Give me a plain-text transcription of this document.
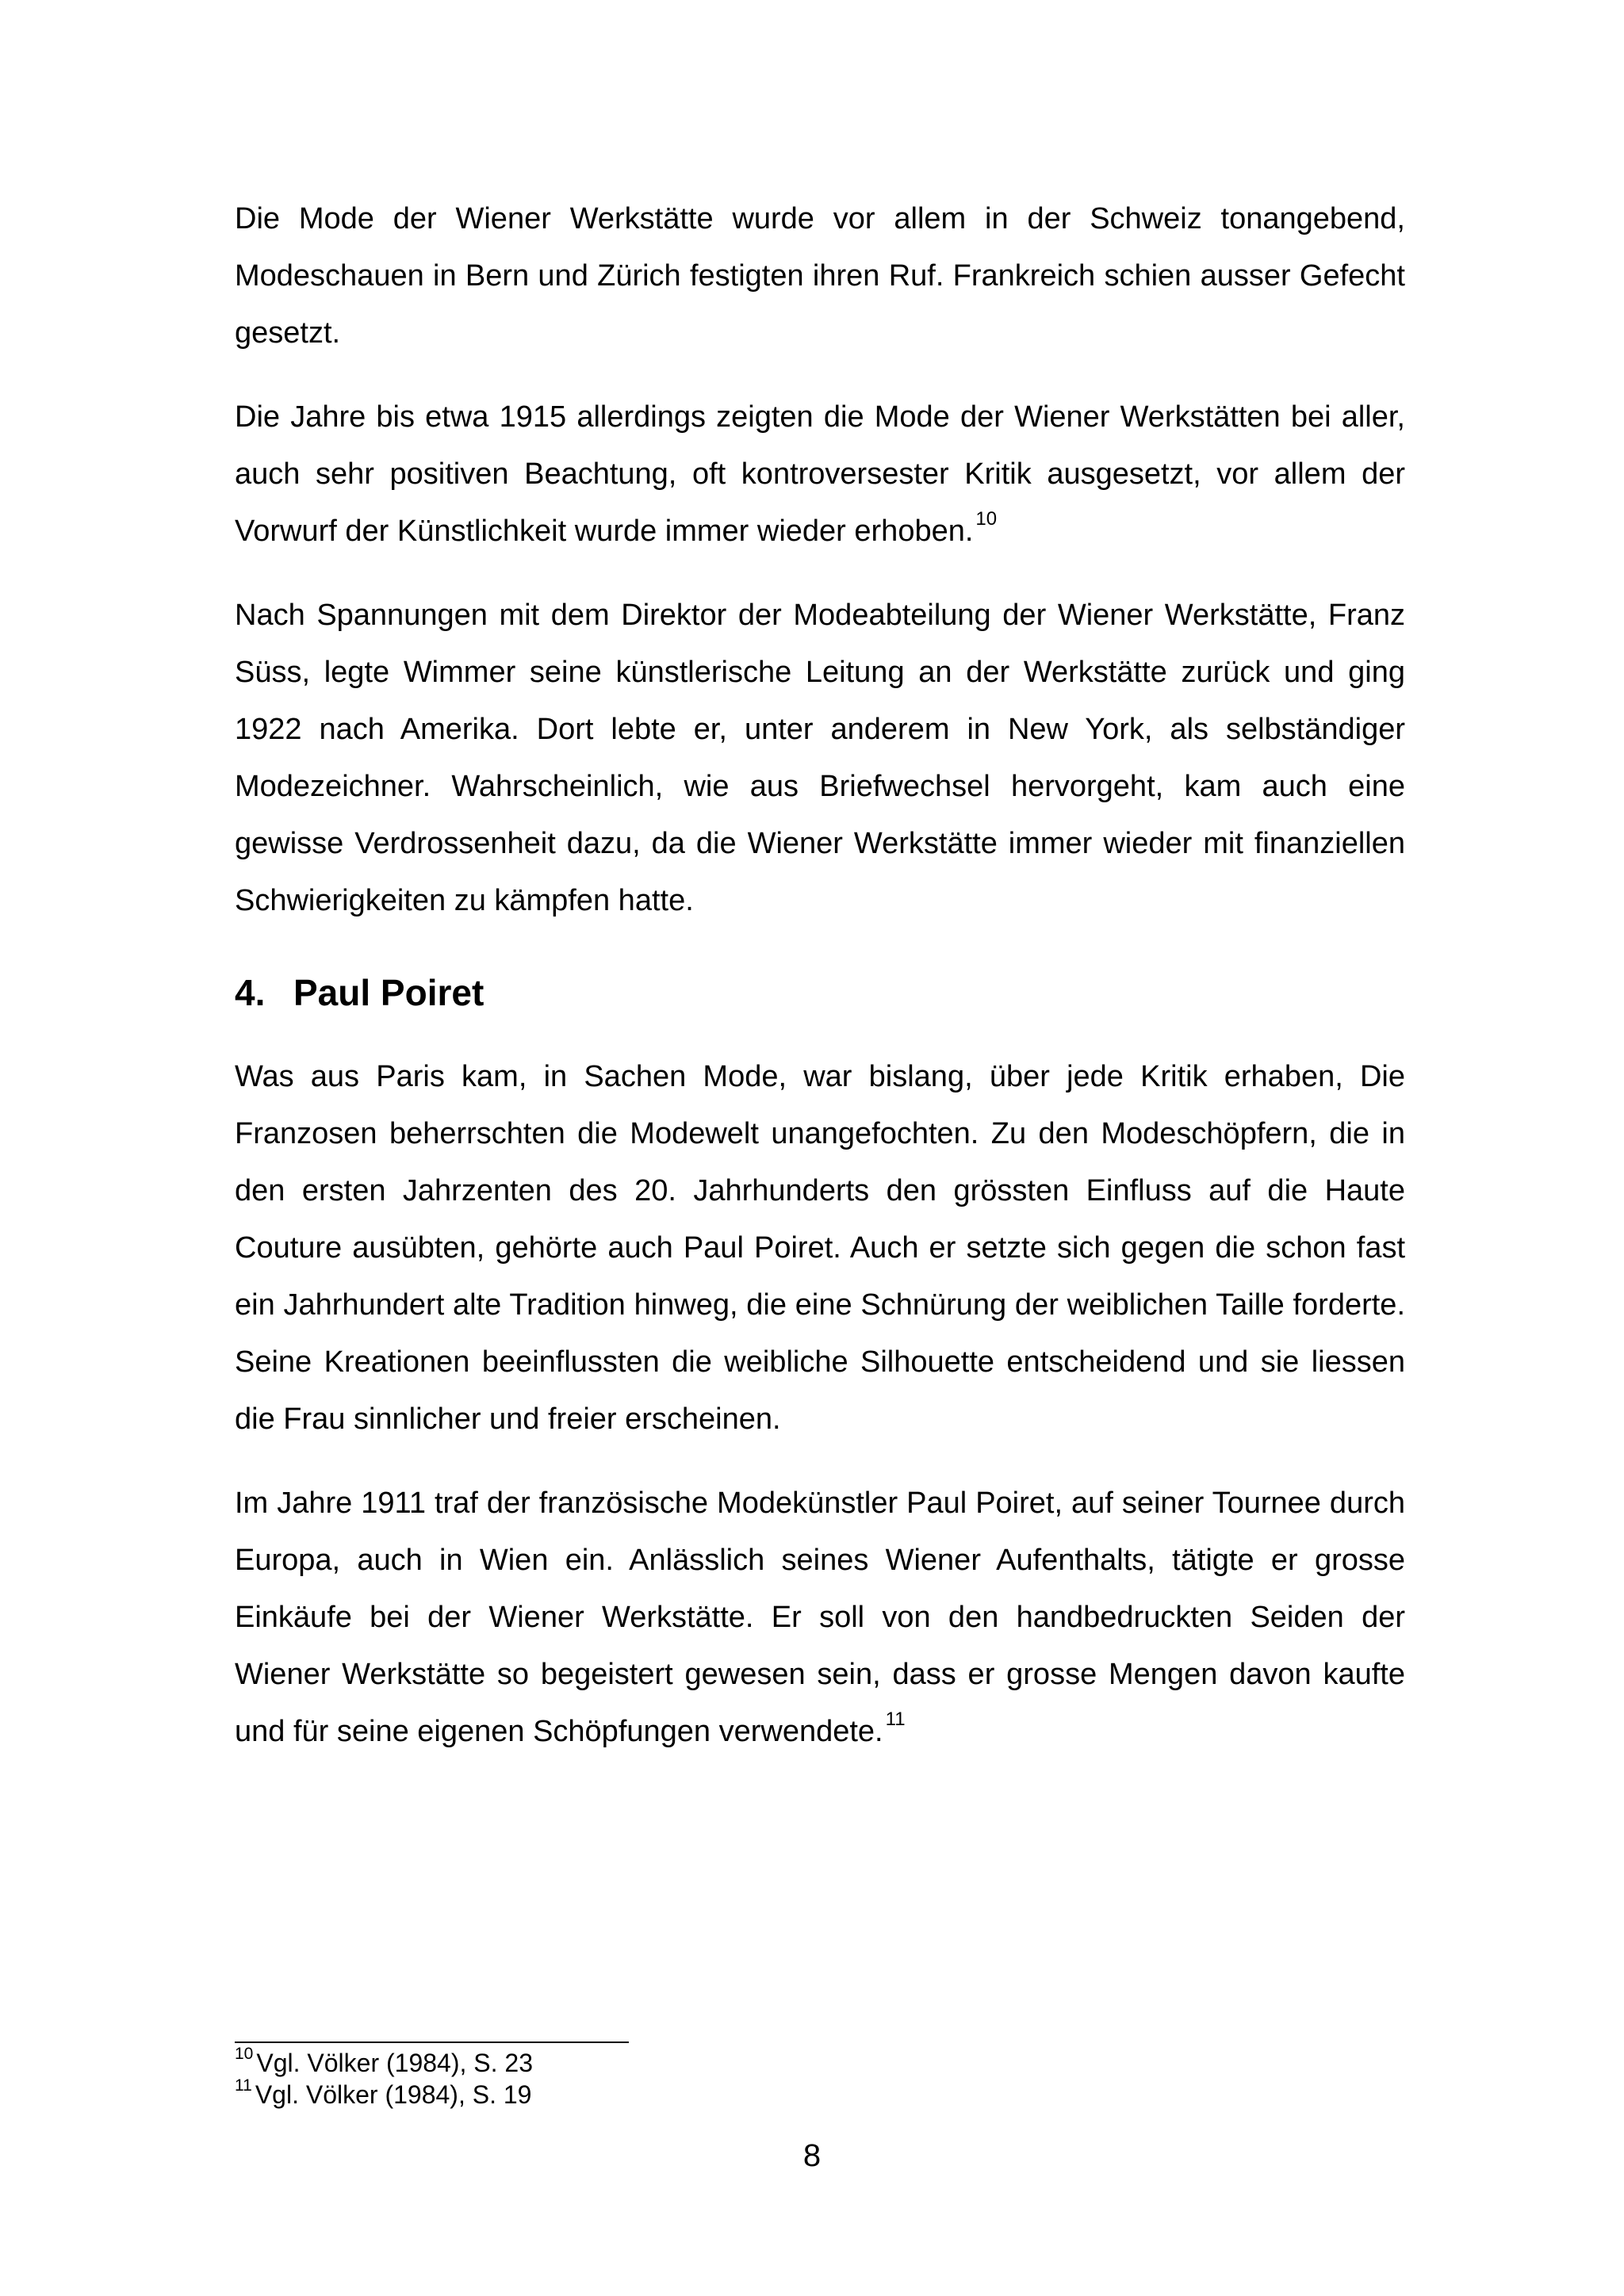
Die Mode der Wiener Werkstätte wurde vor allem in der Schweiz tonangebend, Modeschauen in Bern und Zürich festigten ihren Ruf. Frankreich schien ausser Gefecht gesetzt.

Die Jahre bis etwa 1915 allerdings zeigten die Mode der Wiener Werkstätten bei aller, auch sehr positiven Beachtung, oft kontroversester Kritik ausgesetzt, vor allem der Vorwurf der Künstlichkeit wurde immer wieder erhoben. $^{10}$

Nach Spannungen mit dem Direktor der Modeabteilung der Wiener Werkstätte, Franz Süss, legte Wimmer seine künstlerische Leitung an der Werkstätte zurück und ging 1922 nach Amerika. Dort lebte er, unter anderem in New York, als selbständiger Modezeichner. Wahrscheinlich, wie aus Briefwechsel hervorgeht, kam auch eine gewisse Verdrossenheit dazu, da die Wiener Werkstätte immer wieder mit finanziellen Schwierigkeiten zu kämpfen hatte.

4. Paul Poiret

Was aus Paris kam, in Sachen Mode, war bislang, über jede Kritik erhaben, Die Franzosen beherrschten die Modewelt unangefochten. Zu den Modeschöpfern, die in den ersten Jahrzenten des 20. Jahrhunderts den grössten Einfluss auf die Haute Couture ausübten, gehörte auch Paul Poiret. Auch er setzte sich gegen die schon fast ein Jahrhundert alte Tradition hinweg, die eine Schnürung der weiblichen Taille forderte. Seine Kreationen beeinflussten die weibliche Silhouette entscheidend und sie liessen die Frau sinnlicher und freier erscheinen.

Im Jahre 1911 traf der französische Modekünstler Paul Poiret, auf seiner Tournee durch Europa, auch in Wien ein. Anlässlich seines Wiener Aufenthalts, tätigte er grosse Einkäufe bei der Wiener Werkstätte. Er soll von den handbedruckten Seiden der Wiener Werkstätte so begeistert gewesen sein, dass er grosse Mengen davon kaufte und für seine eigenen Schöpfungen verwendete. $^{11}$

$^{10}$ Vgl. Völker (1984), S. 23

$^{11}$ Vgl. Völker (1984), S. 19

8
